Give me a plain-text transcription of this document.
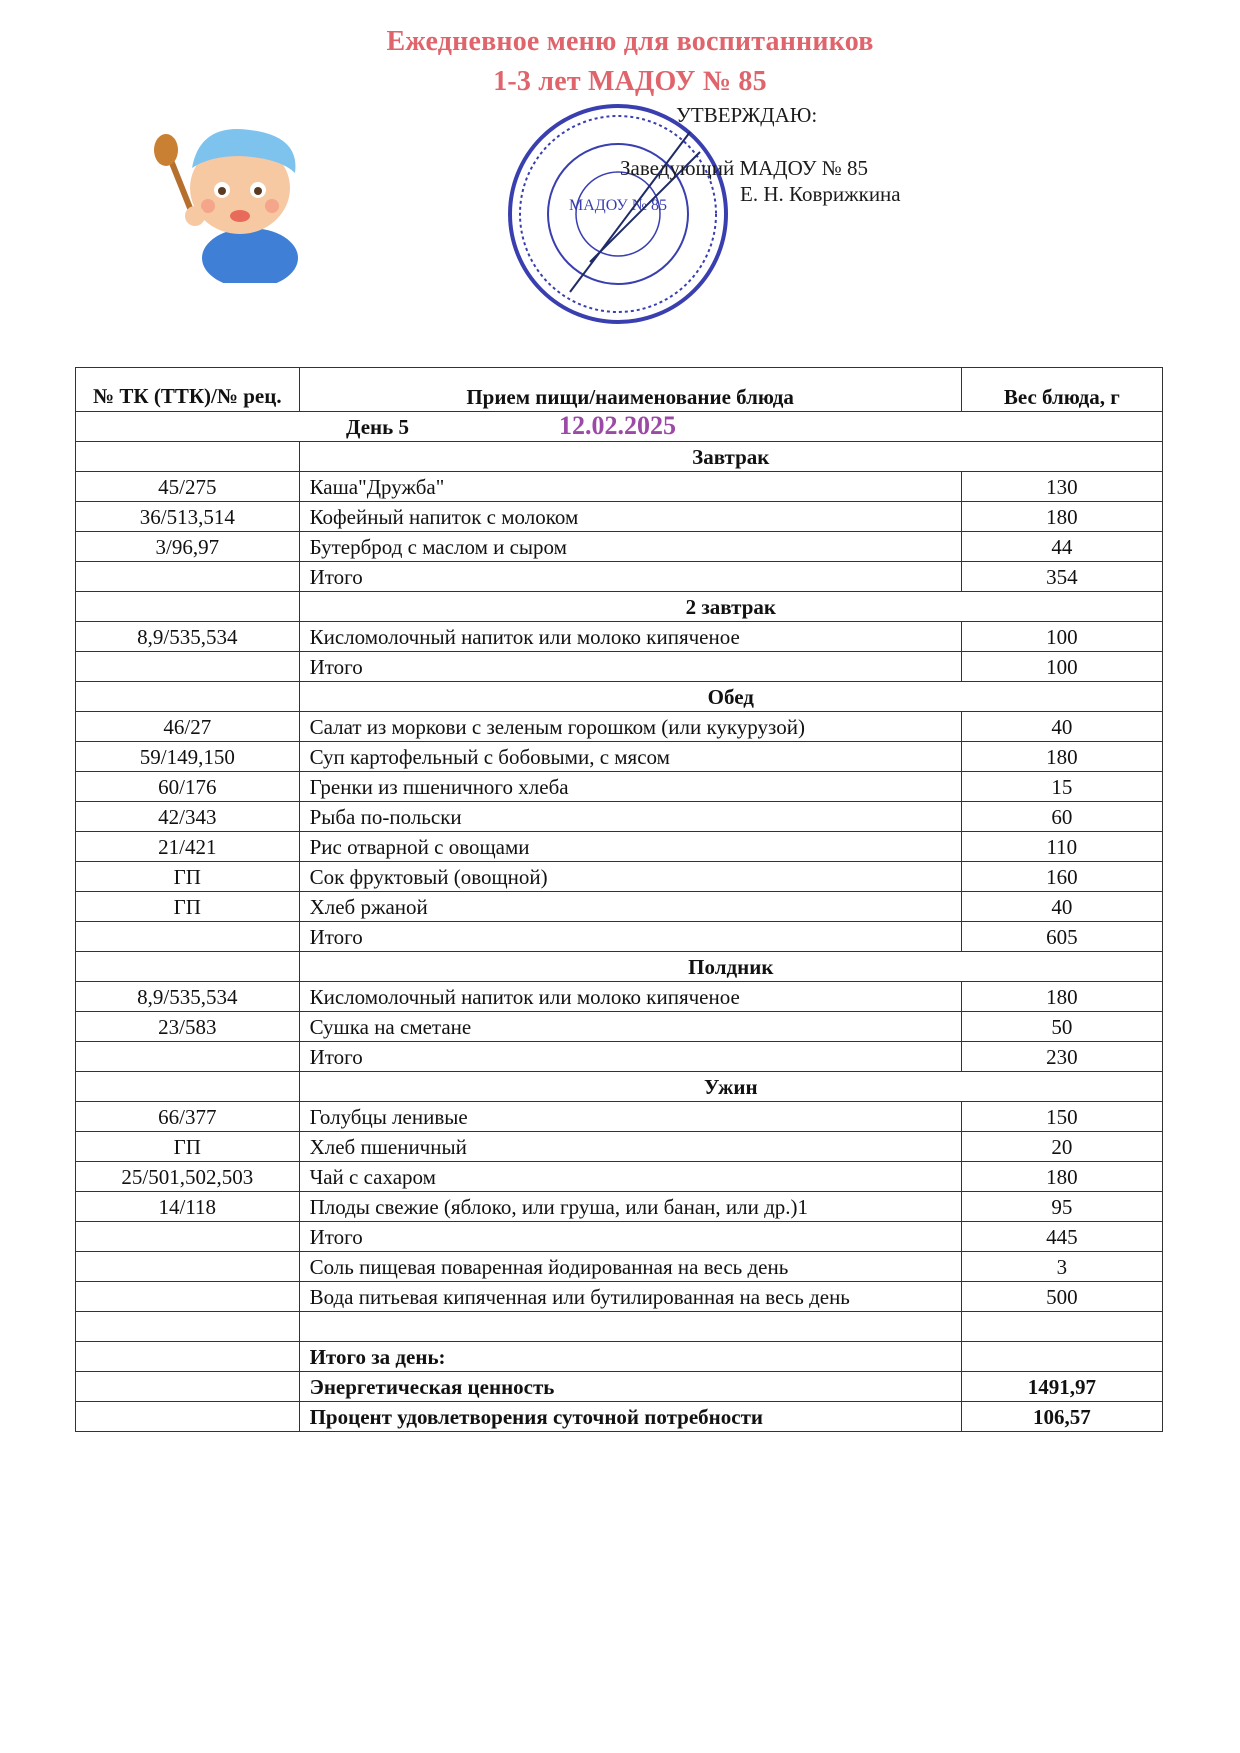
Ежедневное меню для воспитанников
1-3 лет МАДОУ № 85
МАДОУ № 85
УТВЕРЖДАЮ:
Заведующий МАДОУ № 85
Е. Н. Коврижкина
№ ТК (ТТК)/№ рец.	Прием пищи/наименование блюда	Вес блюда, г
День 5 12.02.2025		
	Завтрак	
45/275	Каша"Дружба"	130
36/513,514	Кофейный напиток с молоком	180
3/96,97	Бутерброд с маслом и сыром	44
	Итого	354
	2 завтрак	
8,9/535,534	Кисломолочный напиток или молоко кипяченое	100
	Итого	100
	Обед	
46/27	Салат из моркови с зеленым горошком (или кукурузой)	40
59/149,150	Суп картофельный с бобовыми, с мясом	180
60/176	Гренки из пшеничного хлеба	15
42/343	Рыба по-польски	60
21/421	Рис отварной с овощами	110
ГП	Сок фруктовый (овощной)	160
ГП	Хлеб ржаной	40
	Итого	605
	Полдник	
8,9/535,534	Кисломолочный напиток или молоко кипяченое	180
23/583	Сушка на сметане	50
	Итого	230
	Ужин	
66/377	Голубцы ленивые	150
ГП	Хлеб пшеничный	20
25/501,502,503	Чай с сахаром	180
14/118	Плоды свежие (яблоко, или груша, или банан, или др.)1	95
	Итого	445
	Соль пищевая поваренная йодированная на весь день	3
	Вода питьевая кипяченная или бутилированная на весь день	500

	Итого за день:	
	Энергетическая ценность	1491,97
	Процент удовлетворения суточной потребности	106,57
